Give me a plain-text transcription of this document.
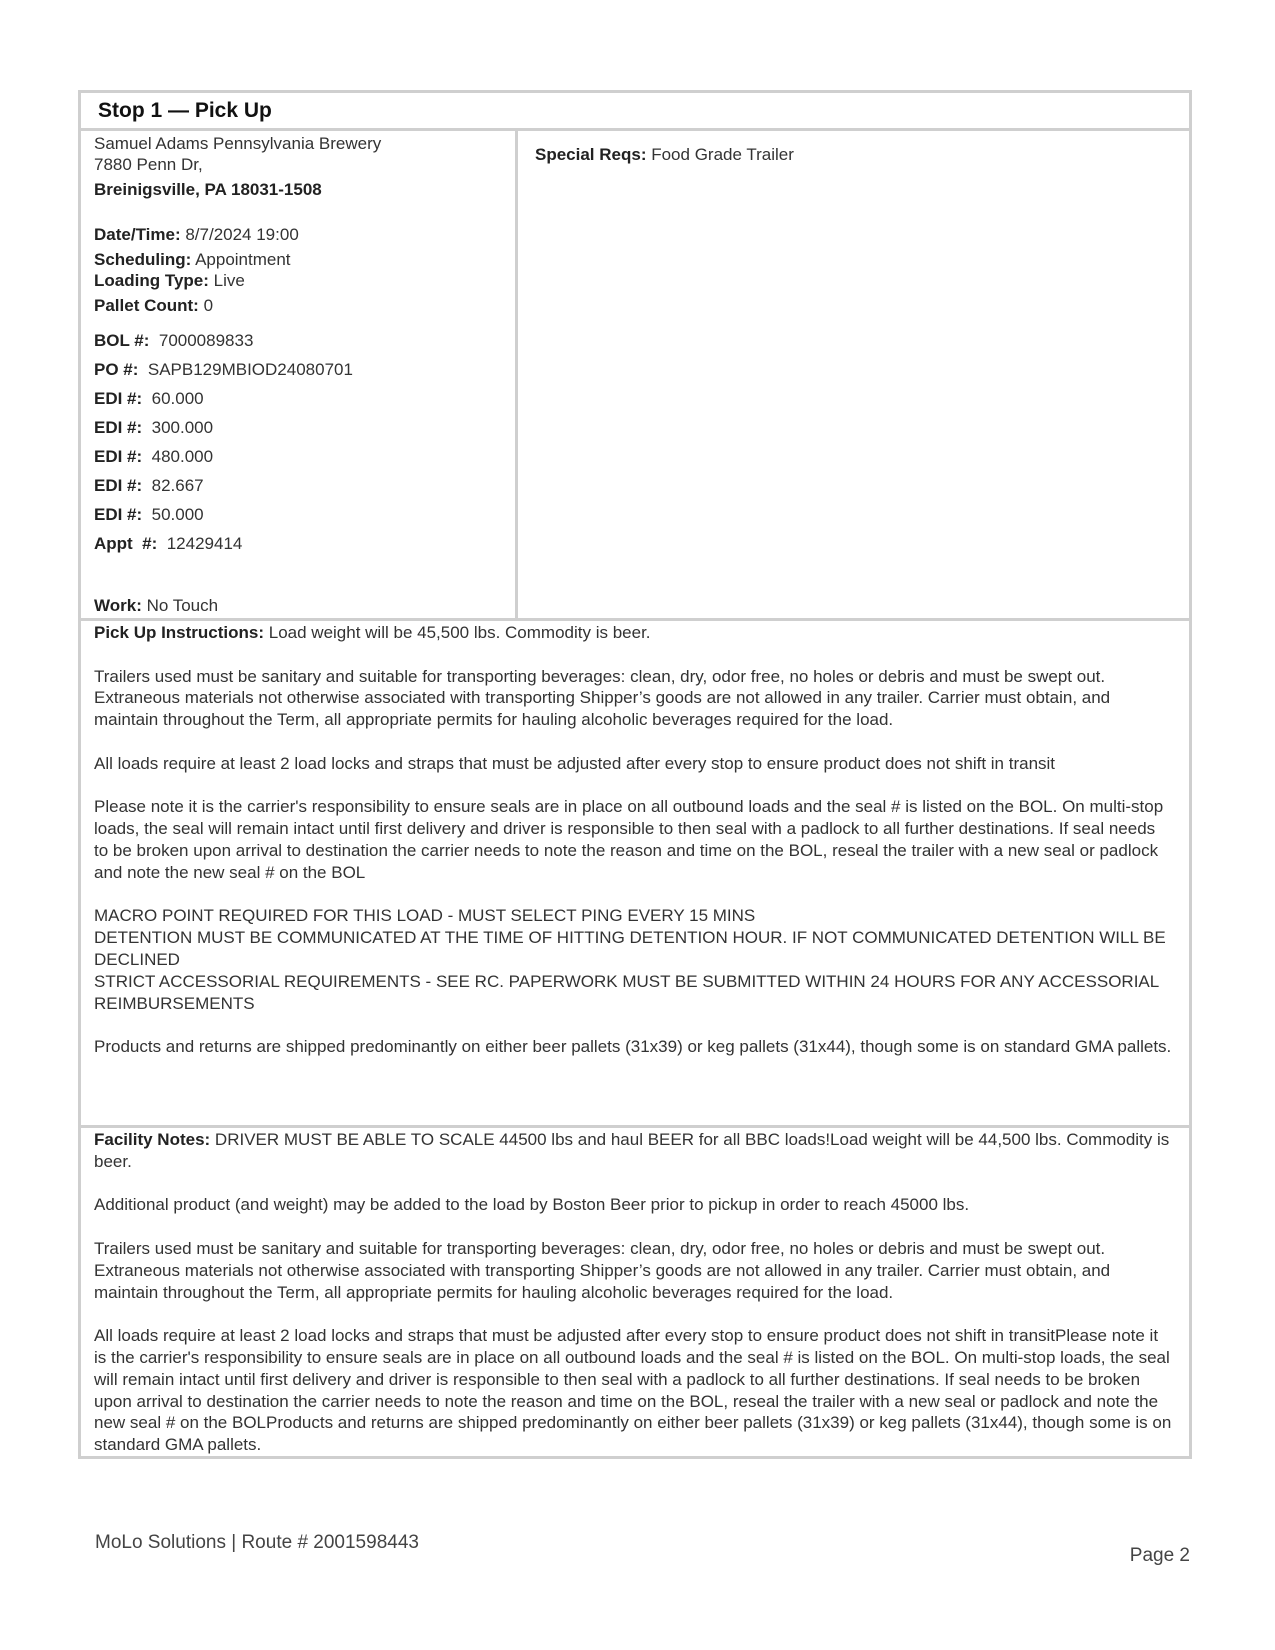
Stop 1 — Pick Up
Samuel Adams Pennsylvania Brewery
7880 Penn Dr,
Breinigsville, PA 18031-1508
Date/Time: 8/7/2024 19:00
Scheduling: Appointment
Loading Type: Live
Pallet Count: 0
BOL #:  7000089833
PO #:  SAPB129MBIOD24080701
EDI #:  60.000
EDI #:  300.000
EDI #:  480.000
EDI #:  82.667
EDI #:  50.000
Appt  #:  12429414
Work: No Touch
Special Reqs: Food Grade Trailer

Pick Up Instructions: Load weight will be 45,500 lbs. Commodity is beer.

Trailers used must be sanitary and suitable for transporting beverages: clean, dry, odor free, no holes or debris and must be swept out. Extraneous materials not otherwise associated with transporting Shipper’s goods are not allowed in any trailer. Carrier must obtain, and maintain throughout the Term, all appropriate permits for hauling alcoholic beverages required for the load.

All loads require at least 2 load locks and straps that must be adjusted after every stop to ensure product does not shift in transit

Please note it is the carrier's responsibility to ensure seals are in place on all outbound loads and the seal # is listed on the BOL. On multi-stop loads, the seal will remain intact until first delivery and driver is responsible to then seal with a padlock to all further destinations. If seal needs to be broken upon arrival to destination the carrier needs to note the reason and time on the BOL, reseal the trailer with a new seal or padlock and note the new seal # on the BOL

MACRO POINT REQUIRED FOR THIS LOAD - MUST SELECT PING EVERY 15 MINS

DETENTION MUST BE COMMUNICATED AT THE TIME OF HITTING DETENTION HOUR. IF NOT COMMUNICATED DETENTION WILL BE DECLINED

STRICT ACCESSORIAL REQUIREMENTS - SEE RC. PAPERWORK MUST BE SUBMITTED WITHIN 24 HOURS FOR ANY ACCESSORIAL REIMBURSEMENTS

Products and returns are shipped predominantly on either beer pallets (31x39) or keg pallets (31x44), though some is on standard GMA pallets.

Facility Notes: DRIVER MUST BE ABLE TO SCALE 44500 lbs and haul BEER for all BBC loads!Load weight will be 44,500 lbs. Commodity is beer.

Additional product (and weight) may be added to the load by Boston Beer prior to pickup in order to reach 45000 lbs.

Trailers used must be sanitary and suitable for transporting beverages: clean, dry, odor free, no holes or debris and must be swept out. Extraneous materials not otherwise associated with transporting Shipper’s goods are not allowed in any trailer. Carrier must obtain, and maintain throughout the Term, all appropriate permits for hauling alcoholic beverages required for the load.

All loads require at least 2 load locks and straps that must be adjusted after every stop to ensure product does not shift in transitPlease note it is the carrier's responsibility to ensure seals are in place on all outbound loads and the seal # is listed on the BOL. On multi-stop loads, the seal will remain intact until first delivery and driver is responsible to then seal with a padlock to all further destinations. If seal needs to be broken upon arrival to destination the carrier needs to note the reason and time on the BOL, reseal the trailer with a new seal or padlock and note the new seal # on the BOLProducts and returns are shipped predominantly on either beer pallets (31x39) or keg pallets (31x44), though some is on standard GMA pallets.

MoLo Solutions | Route # 2001598443
Page 2
